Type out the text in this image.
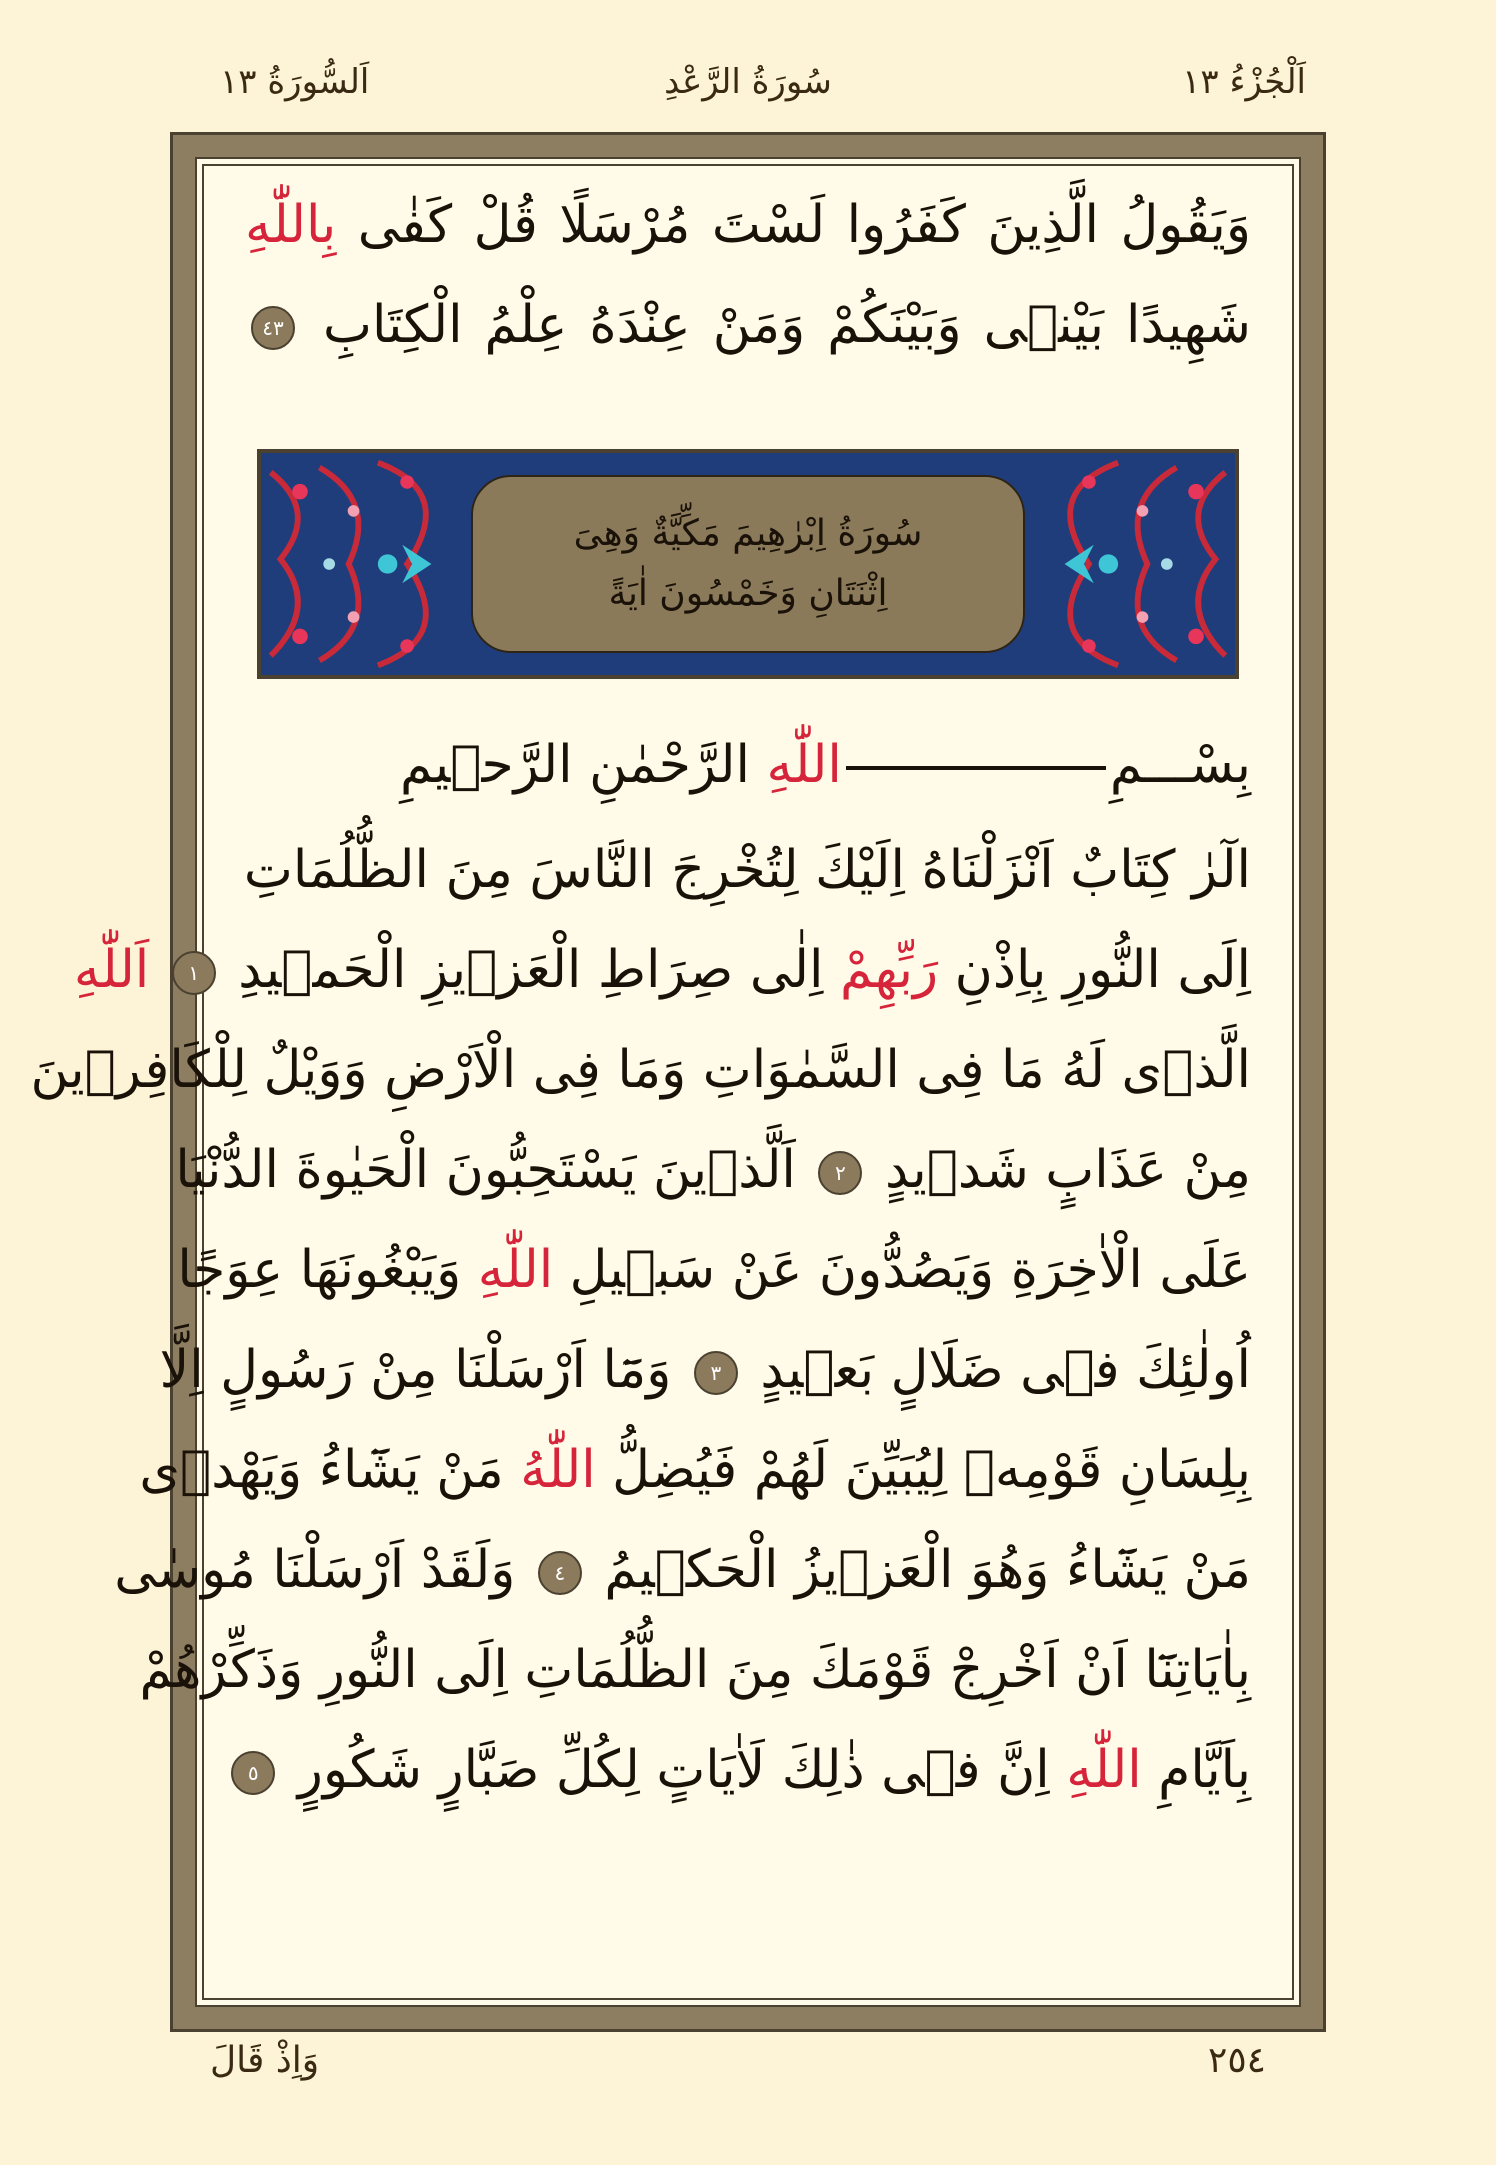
اَلْجُزْءُ ١٣
سُورَةُ الرَّعْدِ
اَلسُّورَةُ ١٣
وَيَقُولُ الَّذِينَ كَفَرُوا لَسْتَ مُرْسَلًا قُلْ كَفٰى بِاللّٰهِ
شَهِيدًا بَيْنٖى وَبَيْنَكُمْ وَمَنْ عِنْدَهُ عِلْمُ الْكِتَابِ ٤٣
سُورَةُ اِبْرٰهِيمَ مَكِّيَّةٌ وَهِىَ
اِثْنَتَانِ وَخَمْسُونَ اٰيَةً
بِسْـــمِاللّٰهِ الرَّحْمٰنِ الرَّحٖيمِ
الٓرٰ كِتَابٌ اَنْزَلْنَاهُ اِلَيْكَ لِتُخْرِجَ النَّاسَ مِنَ الظُّلُمَاتِ
اِلَى النُّورِ بِاِذْنِ رَبِّهِمْ اِلٰى صِرَاطِ الْعَزٖيزِ الْحَمٖيدِ ١ اَللّٰهِ
الَّذٖى لَهُ مَا فِى السَّمٰوَاتِ وَمَا فِى الْاَرْضِ وَوَيْلٌ لِلْكَافِرٖينَ
مِنْ عَذَابٍ شَدٖيدٍ ٢ اَلَّذٖينَ يَسْتَحِبُّونَ الْحَيٰوةَ الدُّنْيَا
عَلَى الْاٰخِرَةِ وَيَصُدُّونَ عَنْ سَبٖيلِ اللّٰهِ وَيَبْغُونَهَا عِوَجًا
اُولٰئِكَ فٖى ضَلَالٍ بَعٖيدٍ ٣ وَمَٓا اَرْسَلْنَا مِنْ رَسُولٍ اِلَّا
بِلِسَانِ قَوْمِهٖ لِيُبَيِّنَ لَهُمْ فَيُضِلُّ اللّٰهُ مَنْ يَشَٓاءُ وَيَهْدٖى
مَنْ يَشَٓاءُ وَهُوَ الْعَزٖيزُ الْحَكٖيمُ ٤ وَلَقَدْ اَرْسَلْنَا مُوسٰى
بِاٰيَاتِنَٓا اَنْ اَخْرِجْ قَوْمَكَ مِنَ الظُّلُمَاتِ اِلَى النُّورِ وَذَكِّرْهُمْ
بِاَيَّامِ اللّٰهِ اِنَّ فٖى ذٰلِكَ لَاٰيَاتٍ لِكُلِّ صَبَّارٍ شَكُورٍ ٥
٢٥٤
وَاِذْ قَالَ
